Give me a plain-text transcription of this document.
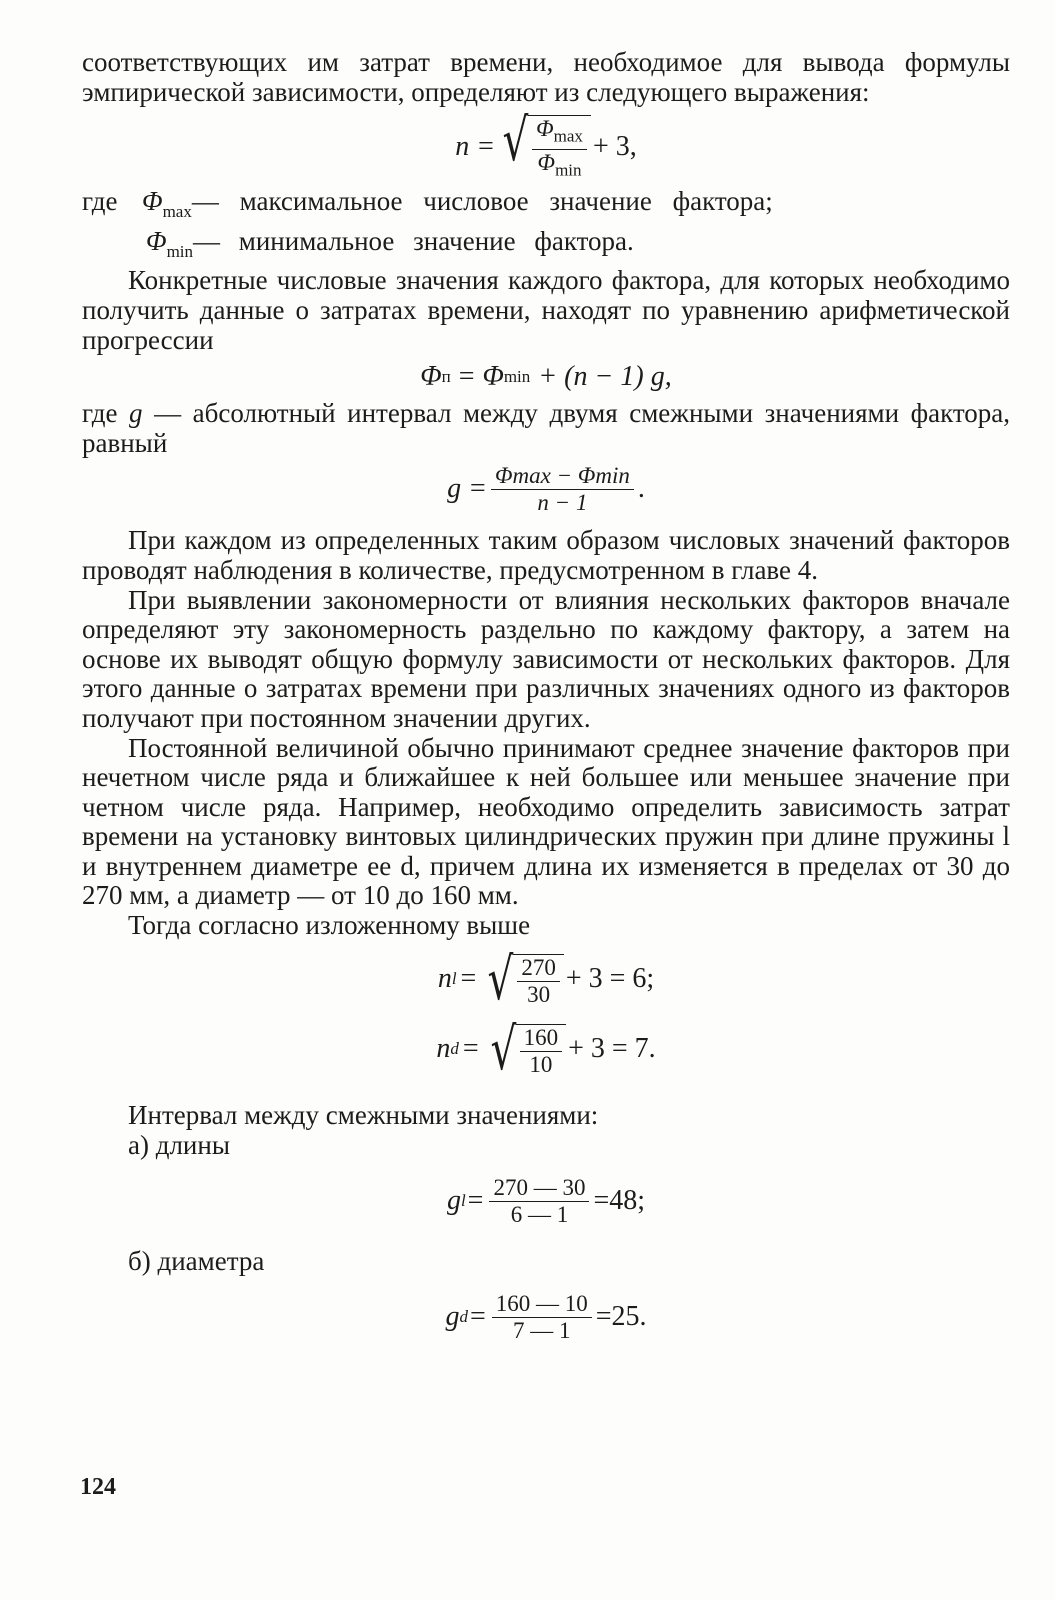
соответствующих им затрат времени, необходимое для вывода формулы эмпирической зависимости, определяют из следующего выражения:

n = √ $\frac{\Phi_{max}}{\Phi_{min}} + 3$,
где Φ max — максимальное числовое значение фактора;
Φ min — минимальное значение фактора.

Конкретные числовые значения каждого фактора, для которых необходимо получить данные о затратах времени, находят по уравнению арифметической прогрессии

Φ п = Φ min + (n − 1) g,
где g — абсолютный интервал между двумя смежными значениями фактора, равный
$g = \frac{\Phi\max - \Phi\min}{n - 1}$ .

При каждом из определенных таким образом числовых значений факторов проводят наблюдения в количестве, предусмотренном в главе 4.

При выявлении закономерности от влияния нескольких факторов вначале определяют эту закономерность раздельно по каждому фактору, а затем на основе их выводят общую формулу зависимости от нескольких факторов. Для этого данные о затратах времени при различных значениях одного из факторов получают при постоянном значении других.

Постоянной величиной обычно принимают среднее значение факторов при нечетном числе ряда и ближайшее к ней большее или меньшее значение при четном числе ряда. Например, необходимо определить зависимость затрат времени на установку винтовых цилиндрических пружин при длине пружины l и внутреннем диаметре ее d, причем длина их изменяется в пределах от 30 до 270 мм, а диаметр — от 10 до 160 мм.

Тогда согласно изложенному выше

n l = √ $\frac{270}{30} + 3 = 6$;
n d = √ $\frac{160}{10} + 3 = 7$.

Интервал между смежными значениями:

а) длины
g $l = \frac{270 — 30}{6 — 1} =48$;
б) диаметра
g $d = \frac{160 — 10}{7 — 1} =25$.
124
